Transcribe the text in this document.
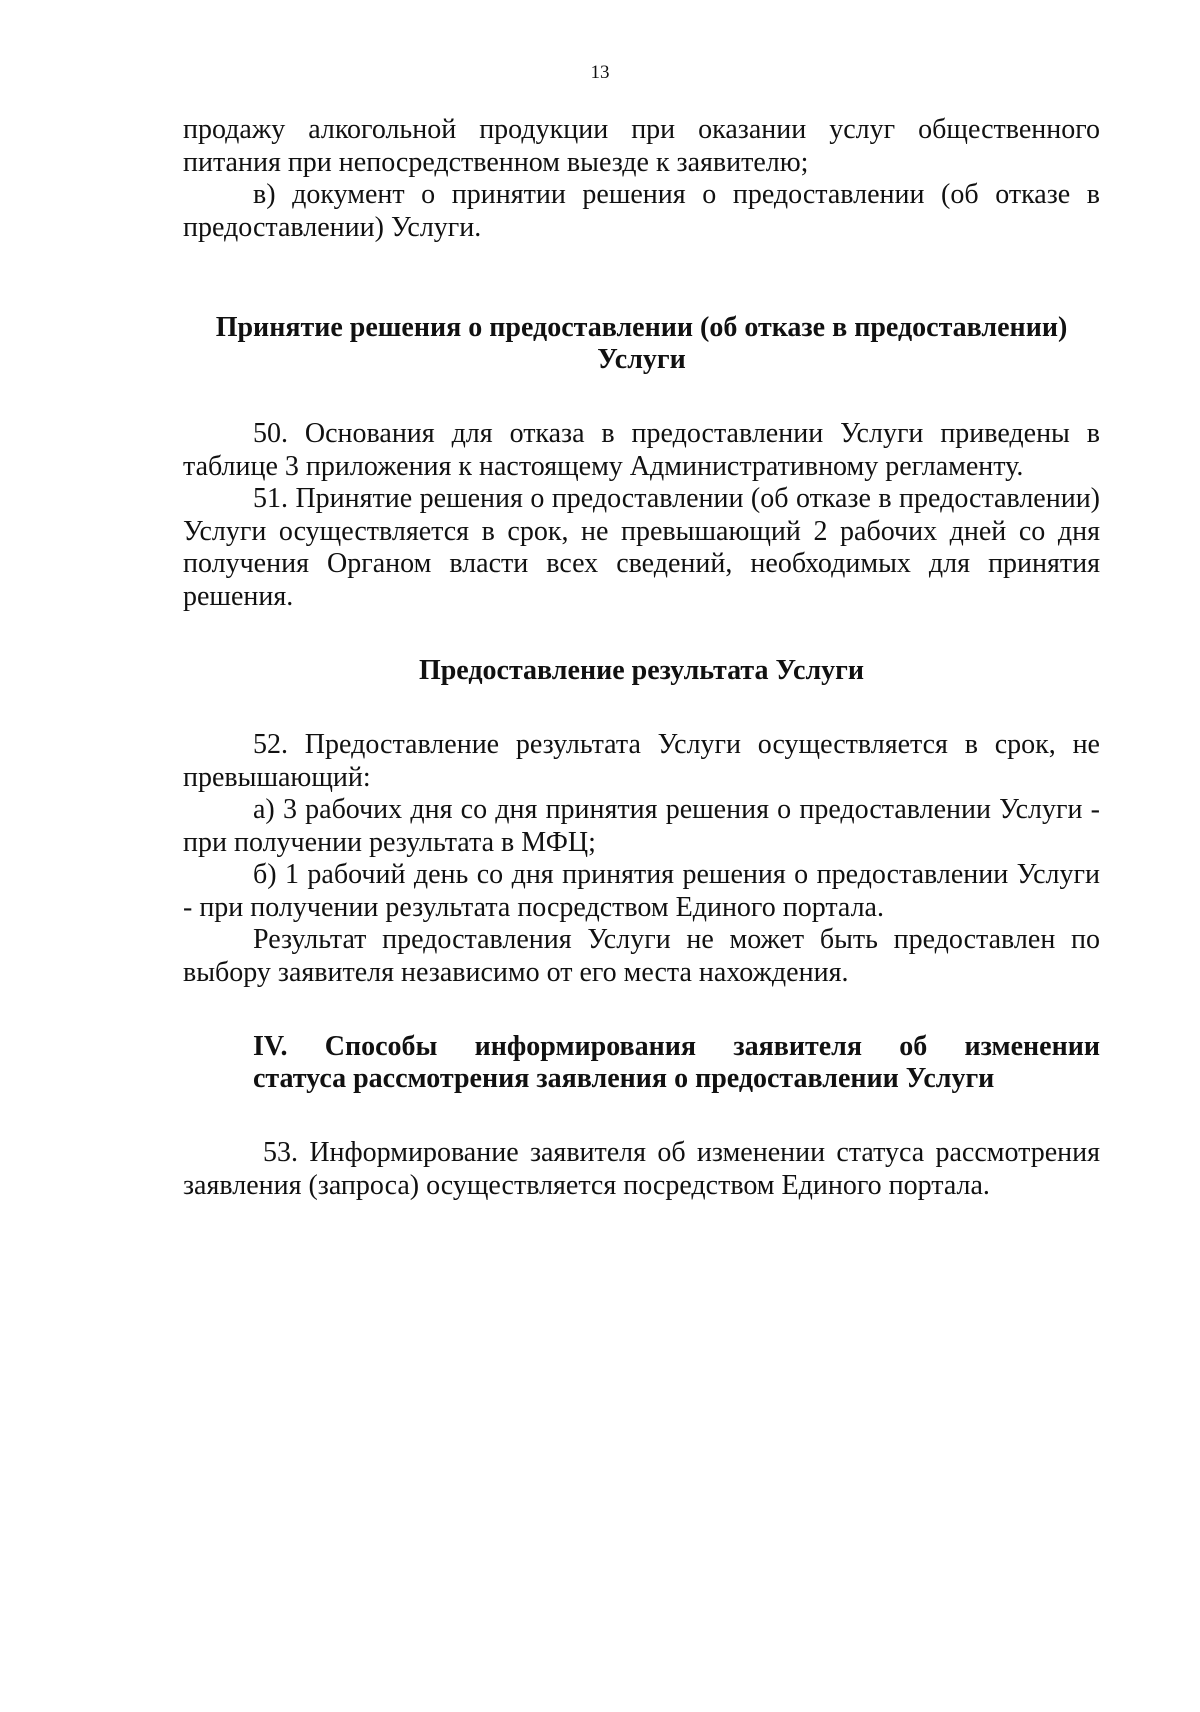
13

продажу алкогольной продукции при оказании услуг общественного питания при непосредственном выезде к заявителю;

в) документ о принятии решения о предоставлении (об отказе в предоставлении) Услуги.

Принятие решения о предоставлении (об отказе в предоставлении) Услуги

50. Основания для отказа в предоставлении Услуги приведены в таблице 3 приложения к настоящему Административному регламенту.

51. Принятие решения о предоставлении (об отказе в предоставлении) Услуги осуществляется в срок, не превышающий 2 рабочих дней со дня получения Органом власти всех сведений, необходимых для принятия решения.

Предоставление результата Услуги

52. Предоставление результата Услуги осуществляется в срок, не превышающий:

а) 3 рабочих дня со дня принятия решения о предоставлении Услуги - при получении результата в МФЦ;

б) 1 рабочий день со дня принятия решения о предоставлении Услуги - при получении результата посредством Единого портала.

Результат предоставления Услуги не может быть предоставлен по выбору заявителя независимо от его места нахождения.

IV. Способы информирования заявителя об изменении
статуса рассмотрения заявления о предоставлении Услуги

53. Информирование заявителя об изменении статуса рассмотрения заявления (запроса) осуществляется посредством Единого портала.
